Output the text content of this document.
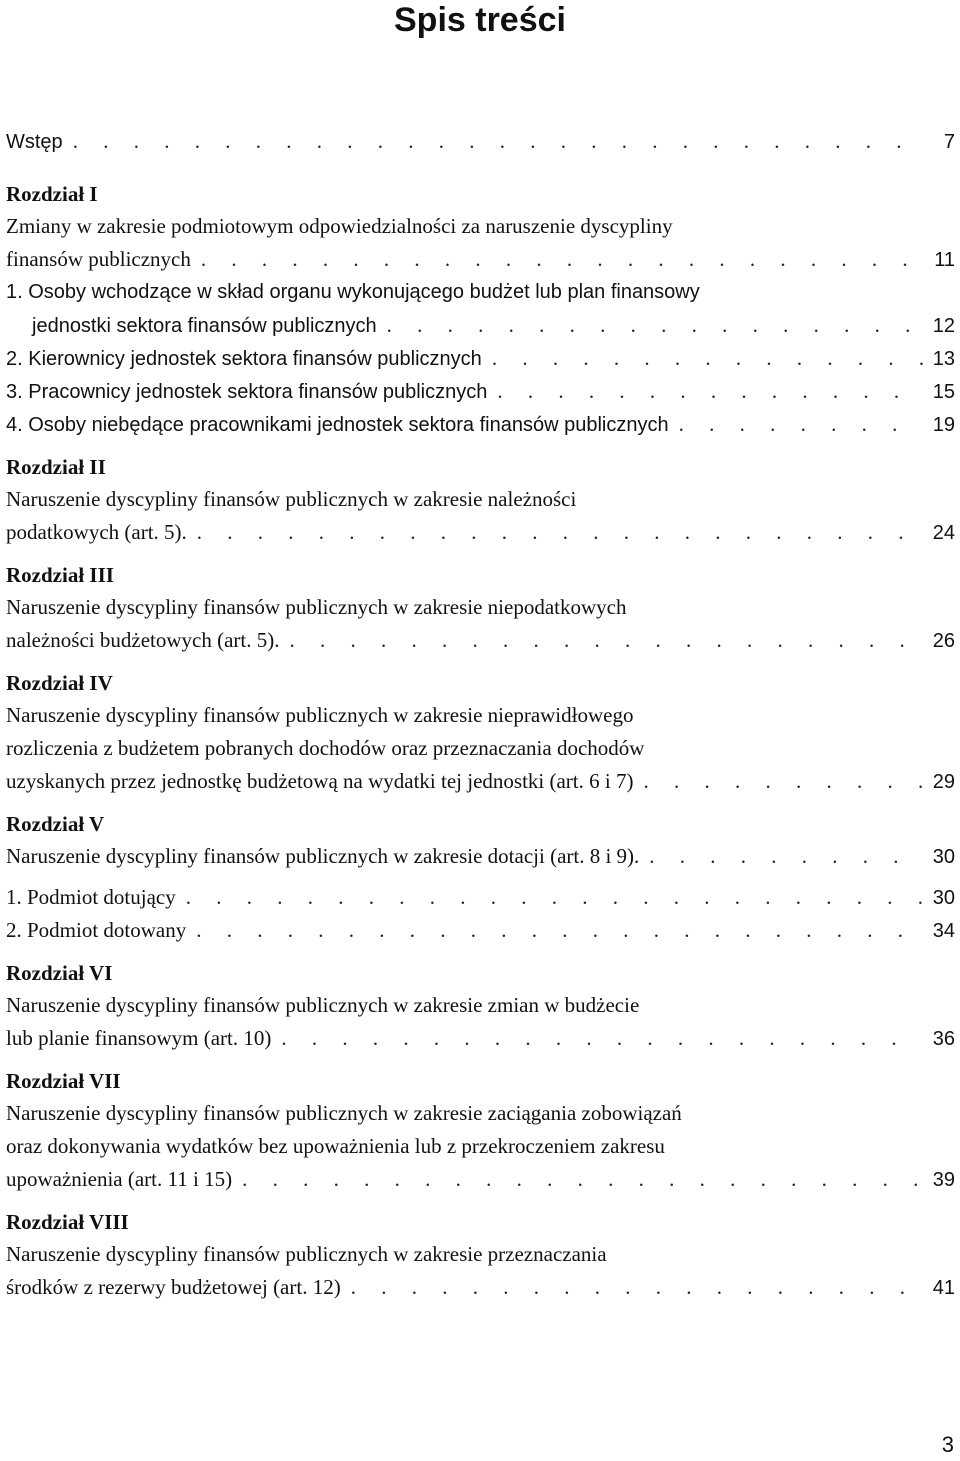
Spis treści
Wstęp . . .	7
Rozdział I
Zmiany w zakresie podmiotowym odpowiedzialności za naruszenie dyscypliny
finansów publicznych . . .	11
1. Osoby wchodzące w skład organu wykonującego budżet lub plan finansowy
jednostki sektora finansów publicznych . . .	12
2. Kierownicy jednostek sektora finansów publicznych . . .	13
3. Pracownicy jednostek sektora finansów publicznych . . .	15
4. Osoby niebędące pracownikami jednostek sektora finansów publicznych . . .	19
Rozdział II
Naruszenie dyscypliny finansów publicznych w zakresie należności
podatkowych (art. 5). . . .	24
Rozdział III
Naruszenie dyscypliny finansów publicznych w zakresie niepodatkowych
należności budżetowych (art. 5). . . .	26
Rozdział IV
Naruszenie dyscypliny finansów publicznych w zakresie nieprawidłowego
rozliczenia z budżetem pobranych dochodów oraz przeznaczania dochodów
uzyskanych przez jednostkę budżetową na wydatki tej jednostki (art. 6 i 7) . . .	29
Rozdział V
Naruszenie dyscypliny finansów publicznych w zakresie dotacji (art. 8 i 9). . . .	30
1. Podmiot dotujący . . .	30
2. Podmiot dotowany . . .	34
Rozdział VI
Naruszenie dyscypliny finansów publicznych w zakresie zmian w budżecie
lub planie finansowym (art. 10) . . .	36
Rozdział VII
Naruszenie dyscypliny finansów publicznych w zakresie zaciągania zobowiązań
oraz dokonywania wydatków bez upoważnienia lub z przekroczeniem zakresu
upoważnienia (art. 11 i 15) . . .	39
Rozdział VIII
Naruszenie dyscypliny finansów publicznych w zakresie przeznaczania
środków z rezerwy budżetowej (art. 12) . . .	41
3
